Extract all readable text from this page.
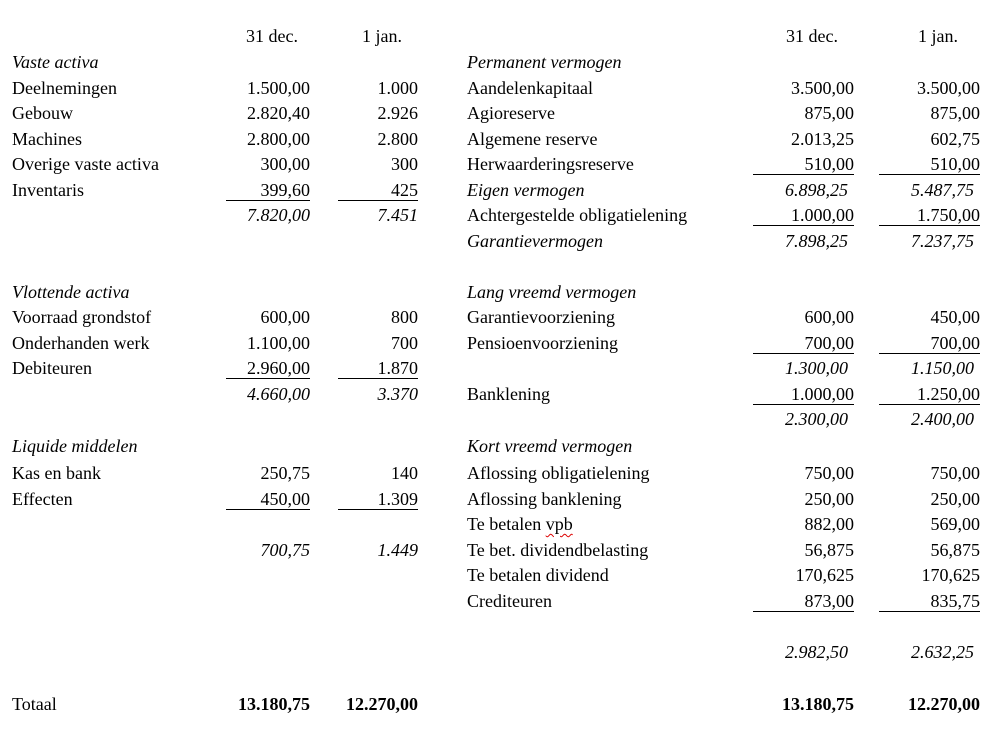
31 dec.	1 jan.	31 dec.	1 jan.
Vaste activa
Deelnemingen	1.500,00	1.000
Gebouw	2.820,40	2.926
Machines	2.800,00	2.800
Overige vaste activa	300,00	300
Inventaris	399,60	425
7.820,00	7.451
Vlottende activa
Voorraad grondstof	600,00	800
Onderhanden werk	1.100,00	700
Debiteuren	2.960,00	1.870
4.660,00	3.370
Liquide middelen
Kas en bank	250,75	140
Effecten	450,00	1.309
700,75	1.449
Totaal	13.180,75	12.270,00
Permanent vermogen
Aandelenkapitaal	3.500,00	3.500,00
Agioreserve	875,00	875,00
Algemene reserve	2.013,25	602,75
Herwaarderingsreserve	510,00	510,00
Eigen vermogen	6.898,25	5.487,75
Achtergestelde obligatielening	1.000,00	1.750,00
Garantievermogen	7.898,25	7.237,75
Lang vreemd vermogen
Garantievoorziening	600,00	450,00
Pensioenvoorziening	700,00	700,00
1.300,00	1.150,00
Banklening	1.000,00	1.250,00
2.300,00	2.400,00
Kort vreemd vermogen
Aflossing obligatielening	750,00	750,00
Aflossing banklening	250,00	250,00
Te betalen vpb	882,00	569,00
Te bet. dividendbelasting	56,875	56,875
Te betalen dividend	170,625	170,625
Crediteuren	873,00	835,75
2.982,50	2.632,25
13.180,75	12.270,00
